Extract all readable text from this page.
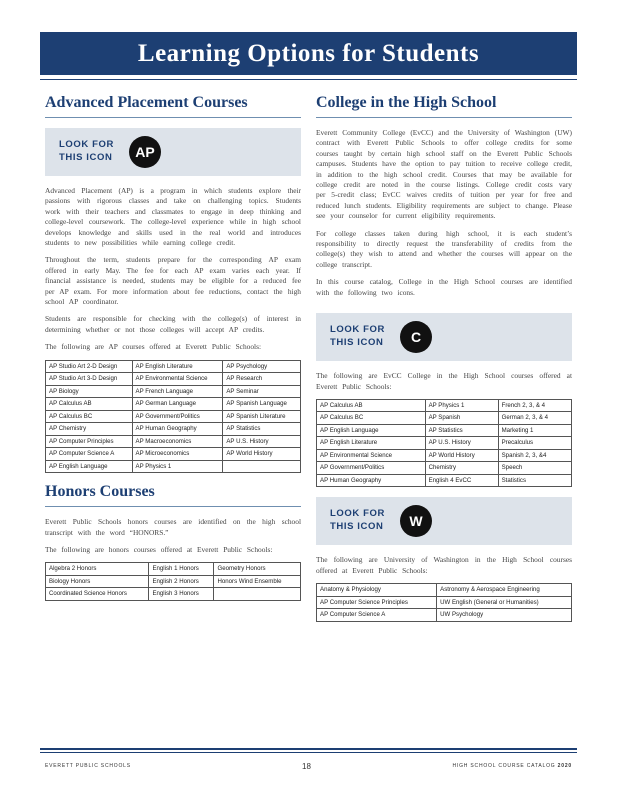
Learning Options for Students
Advanced Placement Courses
LOOK FOR THIS ICON	AP

Advanced Placement (AP) is a program in which students explore their passions with rigorous classes and take on challenging topics. Students work with their teachers and classmates to engage in deep thinking and college-level coursework. The college-level experience while in high school develops knowledge and skills used in the real world and introduces students to new possibilities while earning college credit.

Throughout the term, students prepare for the corresponding AP exam offered in early May. The fee for each AP exam varies each year. If financial assistance is needed, students may be eligible for a reduced fee per AP exam. For more information about fee reductions, contact the high school AP coordinator.

Students are responsible for checking with the college(s) of interest in determining whether or not those colleges will accept AP credits.

The following are AP courses offered at Everett Public Schools:

AP Studio Art 2-D Design	AP English Literature	AP Psychology
AP Studio Art 3-D Design	AP Environmental Science	AP Research
AP Biology	AP French Language	AP Seminar
AP Calculus AB	AP German Language	AP Spanish Language
AP Calculus BC	AP Government/Politics	AP Spanish Literature
AP Chemistry	AP Human Geography	AP Statistics
AP Computer Principles	AP Macroeconomics	AP U.S. History
AP Computer Science A	AP Microeconomics	AP World History
AP English Language	AP Physics 1	
Honors Courses

Everett Public Schools honors courses are identified on the high school transcript with the word “HONORS.”

The following are honors courses offered at Everett Public Schools:

Algebra 2 Honors	English 1 Honors	Geometry Honors
Biology Honors	English 2 Honors	Honors Wind Ensemble
Coordinated Science Honors	English 3 Honors	
College in the High School

Everett Community College (EvCC) and the University of Washington (UW) contract with Everett Public Schools to offer college credits for some courses taught by certain high school staff on the Everett Public Schools campuses. Students have the option to pay tuition to receive college credit, in addition to the high school credit. Courses that may be available for college credit are noted in the course listings. College credit costs vary per 5-credit class; EvCC waives credits of tuition per year for free and reduced lunch students. Eligibility requirements are subject to change. Please see your counselor for current eligibility requirements.

For college classes taken during high school, it is each student’s responsibility to directly request the transferability of credits from the college(s) they wish to attend and whether the courses will appear on the college transcript.

In this course catalog, College in the High School courses are identified with the following two icons.

LOOK FOR THIS ICON	C

The following are EvCC College in the High School courses offered at Everett Public Schools:

AP Calculus AB	AP Physics 1	French 2, 3, & 4
AP Calculus BC	AP Spanish	German 2, 3, & 4
AP English Language	AP Statistics	Marketing 1
AP English Literature	AP U.S. History	Precalculus
AP Environmental Science	AP World History	Spanish 2, 3, &4
AP Government/Politics	Chemistry	Speech
AP Human Geography	English 4 EvCC	Statistics
LOOK FOR THIS ICON	W

The following are University of Washington in the High School courses offered at Everett Public Schools:

Anatomy & Physiology	Astronomy & Aerospace Engineering
AP Computer Science Principles	UW English (General or Humanities)
AP Computer Science A	UW Psychology
EVERETT PUBLIC SCHOOLS	18	HIGH SCHOOL COURSE CATALOG 2020
